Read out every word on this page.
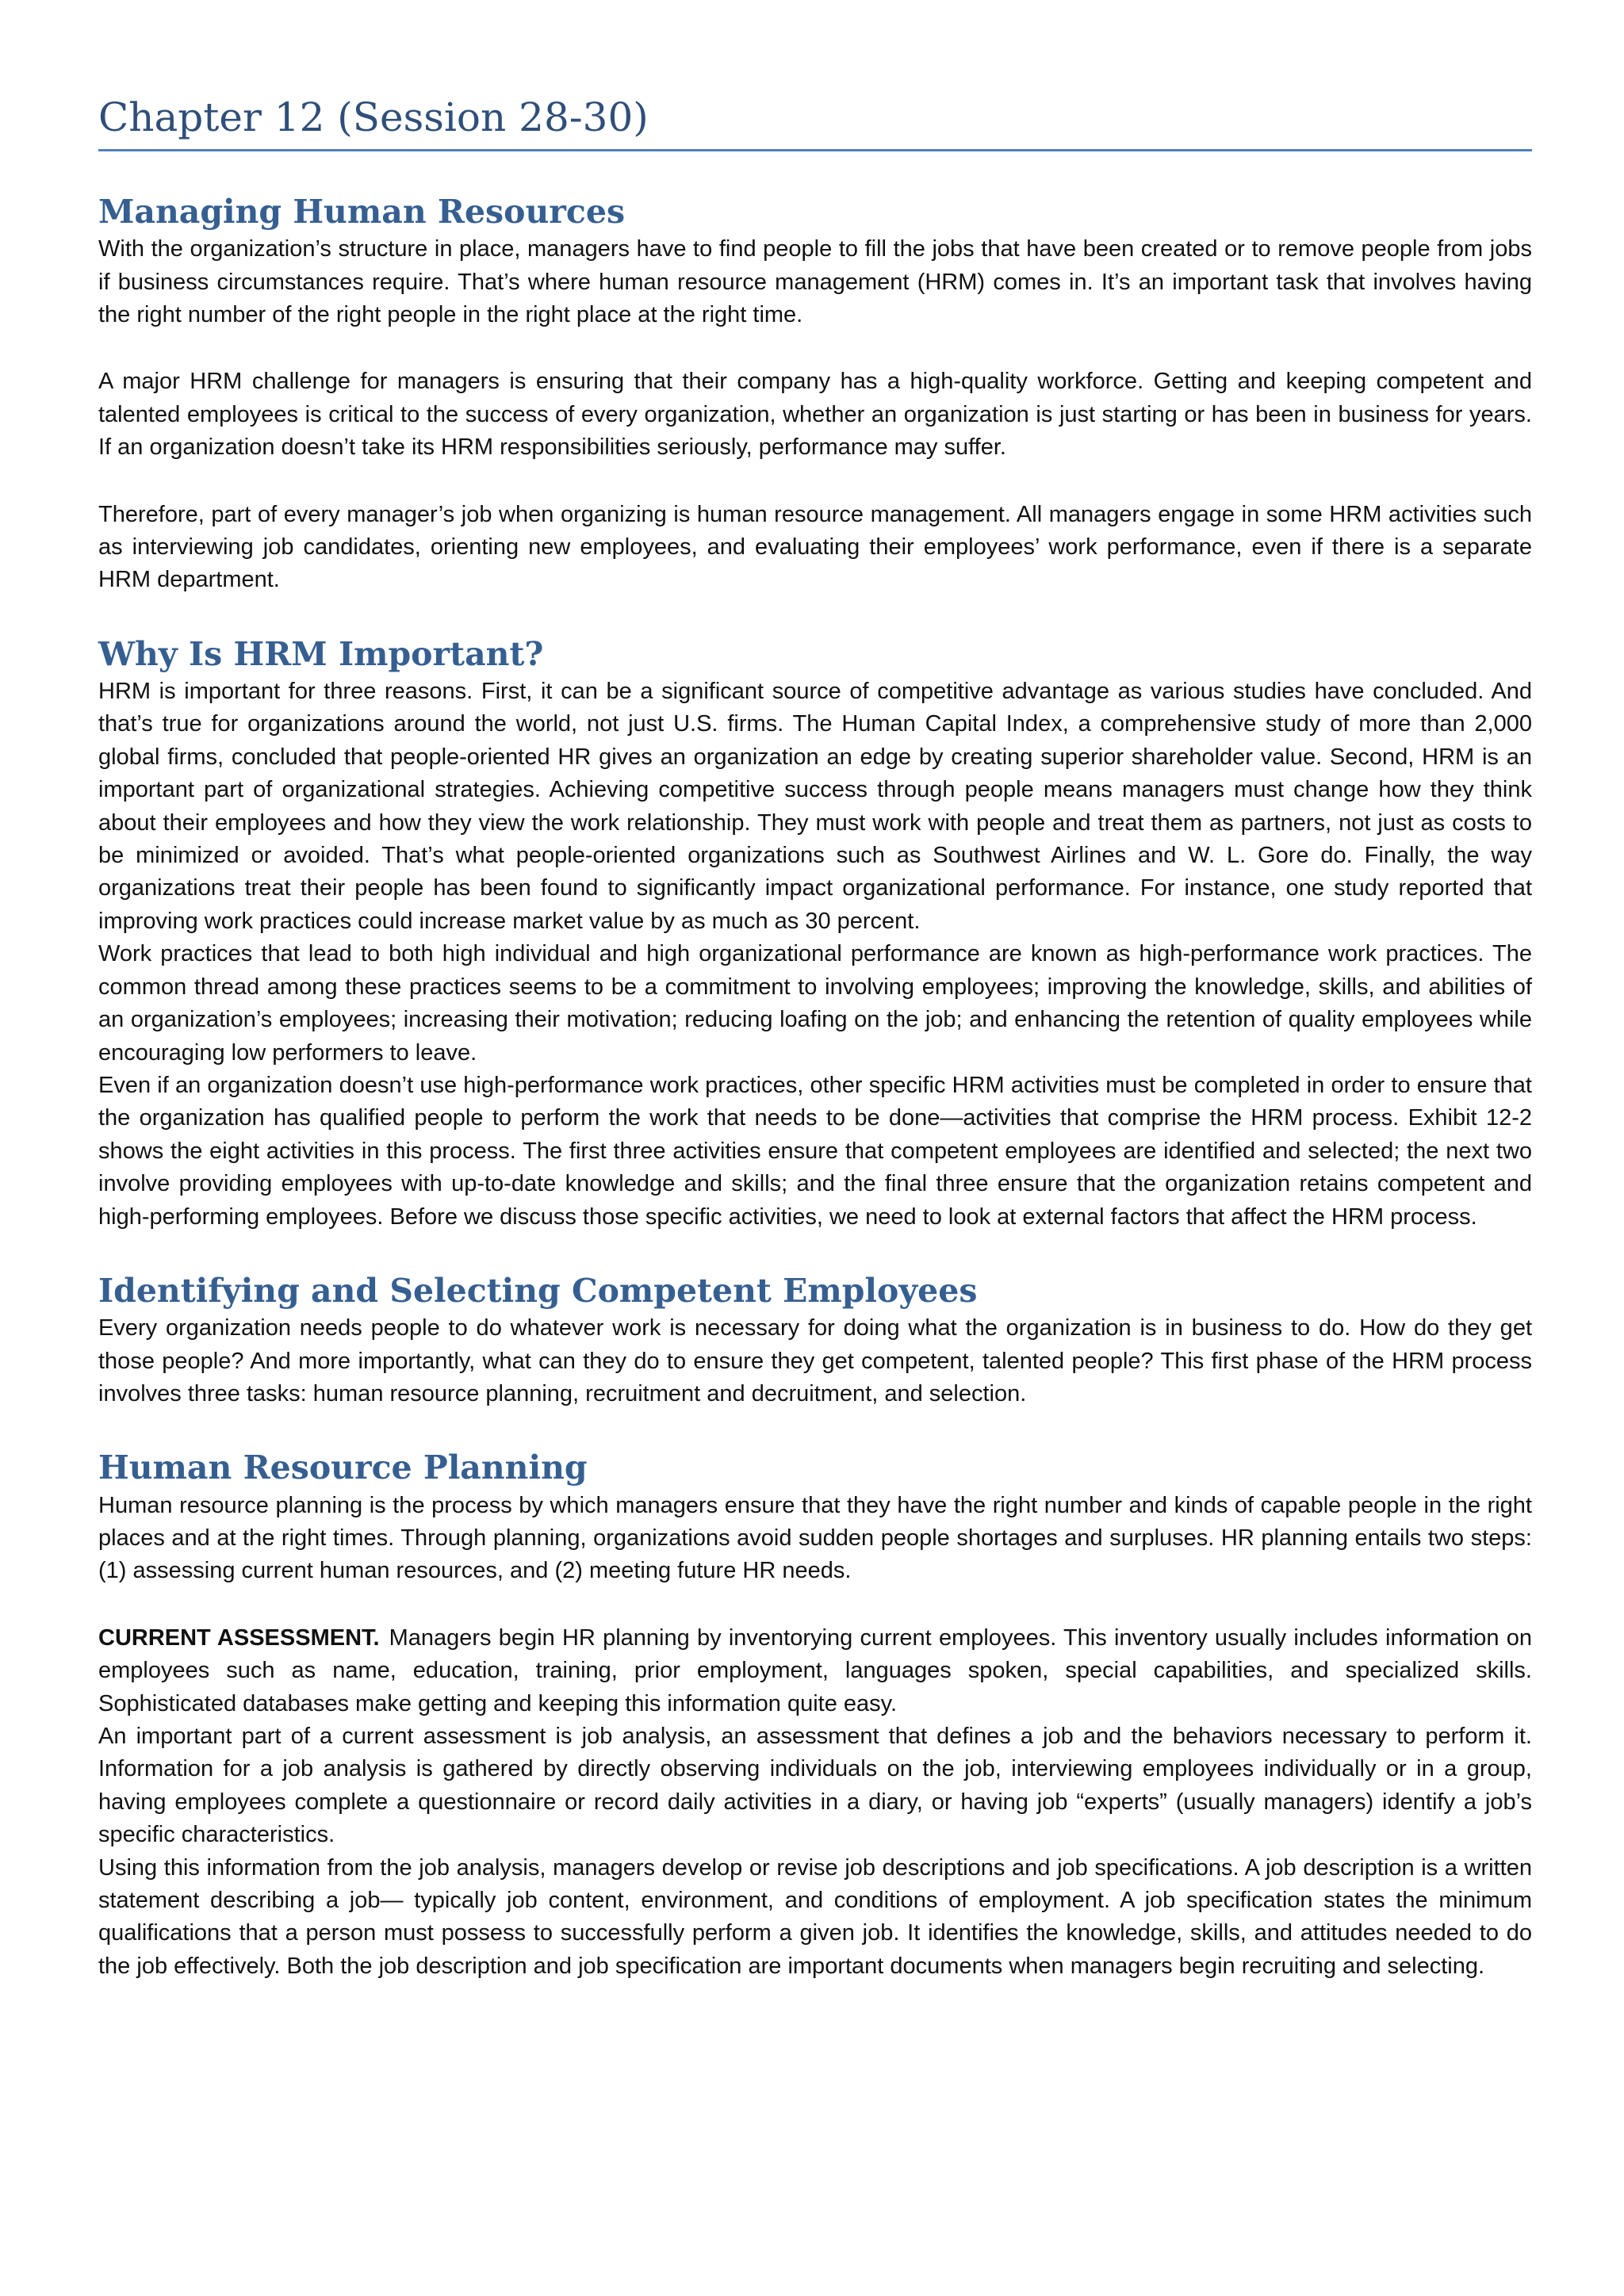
Chapter 12 (Session 28-30)
Managing Human Resources

With the organization’s structure in place, managers have to find people to fill the jobs that have been created or to remove people from jobs if business circumstances require. That’s where human resource management (HRM) comes in. It’s an important task that involves having the right number of the right people in the right place at the right time.

A major HRM challenge for managers is ensuring that their company has a high-quality workforce. Getting and keeping competent and talented employees is critical to the success of every organization, whether an organization is just starting or has been in business for years. If an organization doesn’t take its HRM responsibilities seriously, performance may suffer.

Therefore, part of every manager’s job when organizing is human resource management. All managers engage in some HRM activities such as interviewing job candidates, orienting new employees, and evaluating their employees’ work performance, even if there is a separate HRM department.

Why Is HRM Important?

HRM is important for three reasons. First, it can be a significant source of competitive advantage as various studies have concluded. And that’s true for organizations around the world, not just U.S. firms. The Human Capital Index, a comprehensive study of more than 2,000 global firms, concluded that people-oriented HR gives an organization an edge by creating superior shareholder value. Second, HRM is an important part of organizational strategies. Achieving competitive success through people means managers must change how they think about their employees and how they view the work relationship. They must work with people and treat them as partners, not just as costs to be minimized or avoided. That’s what people-oriented organizations such as Southwest Airlines and W. L. Gore do. Finally, the way organizations treat their people has been found to significantly impact organizational performance. For instance, one study reported that improving work practices could increase market value by as much as 30 percent.

Work practices that lead to both high individual and high organizational performance are known as high-performance work practices. The common thread among these practices seems to be a commitment to involving employees; improving the knowledge, skills, and abilities of an organization’s employees; increasing their motivation; reducing loafing on the job; and enhancing the retention of quality employees while encouraging low performers to leave.

Even if an organization doesn’t use high-performance work practices, other specific HRM activities must be completed in order to ensure that the organization has qualified people to perform the work that needs to be done—activities that comprise the HRM process. Exhibit 12-2 shows the eight activities in this process. The first three activities ensure that competent employees are identified and selected; the next two involve providing employees with up-to-date knowledge and skills; and the final three ensure that the organization retains competent and high-performing employees. Before we discuss those specific activities, we need to look at external factors that affect the HRM process.

Identifying and Selecting Competent Employees

Every organization needs people to do whatever work is necessary for doing what the organization is in business to do. How do they get those people? And more importantly, what can they do to ensure they get competent, talented people? This first phase of the HRM process involves three tasks: human resource planning, recruitment and decruitment, and selection.

Human Resource Planning

Human resource planning is the process by which managers ensure that they have the right number and kinds of capable people in the right places and at the right times. Through planning, organizations avoid sudden people shortages and surpluses. HR planning entails two steps: (1) assessing current human resources, and (2) meeting future HR needs.

CURRENT ASSESSMENT. Managers begin HR planning by inventorying current employees. This inventory usually includes information on employees such as name, education, training, prior employment, languages spoken, special capabilities, and specialized skills. Sophisticated databases make getting and keeping this information quite easy.

An important part of a current assessment is job analysis, an assessment that defines a job and the behaviors necessary to perform it. Information for a job analysis is gathered by directly observing individuals on the job, interviewing employees individually or in a group, having employees complete a questionnaire or record daily activities in a diary, or having job “experts” (usually managers) identify a job’s specific characteristics.

Using this information from the job analysis, managers develop or revise job descriptions and job specifications. A job description is a written statement describing a job— typically job content, environment, and conditions of employment. A job specification states the minimum qualifications that a person must possess to successfully perform a given job. It identifies the knowledge, skills, and attitudes needed to do the job effectively. Both the job description and job specification are important documents when managers begin recruiting and selecting.
